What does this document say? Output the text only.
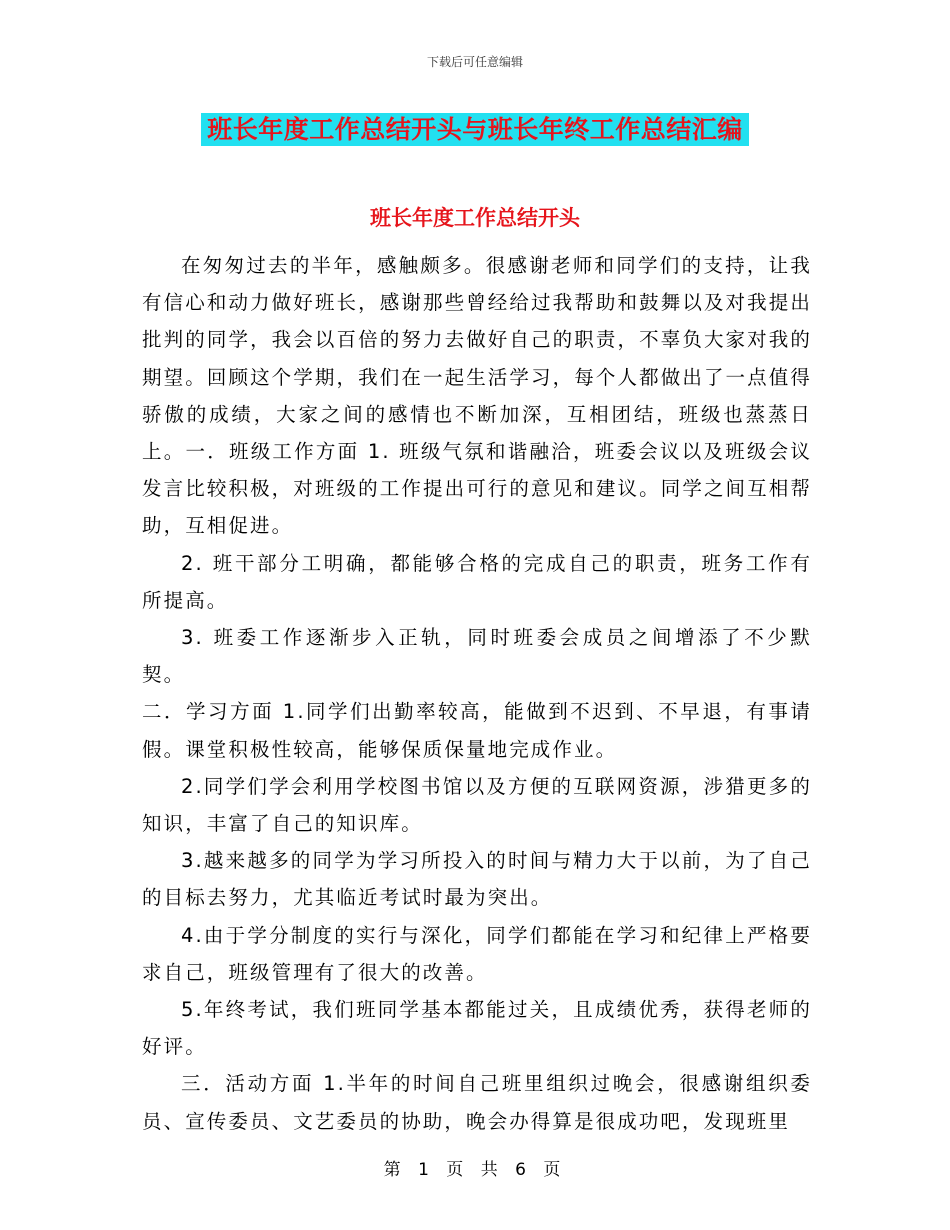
下载后可任意编辑
班长年度工作总结开头与班长年终工作总结汇编
班长年度工作总结开头

在匆匆过去的半年，感触颇多。很感谢老师和同学们的支持，让我有信心和动力做好班长，感谢那些曾经给过我帮助和鼓舞以及对我提出批判的同学，我会以百倍的努力去做好自己的职责，不辜负大家对我的期望。回顾这个学期，我们在一起生活学习，每个人都做出了一点值得骄傲的成绩，大家之间的感情也不断加深，互相团结，班级也蒸蒸日上。一．班级工作方面 1. 班级气氛和谐融洽，班委会议以及班级会议发言比较积极，对班级的工作提出可行的意见和建议。同学之间互相帮助，互相促进。

2. 班干部分工明确，都能够合格的完成自己的职责，班务工作有所提高。

3. 班委工作逐渐步入正轨，同时班委会成员之间增添了不少默契。

二．学习方面 1.同学们出勤率较高，能做到不迟到、不早退，有事请假。课堂积极性较高，能够保质保量地完成作业。

2.同学们学会利用学校图书馆以及方便的互联网资源，涉猎更多的知识，丰富了自己的知识库。

3.越来越多的同学为学习所投入的时间与精力大于以前，为了自己的目标去努力，尤其临近考试时最为突出。

4.由于学分制度的实行与深化，同学们都能在学习和纪律上严格要求自己，班级管理有了很大的改善。

5.年终考试，我们班同学基本都能过关，且成绩优秀，获得老师的好评。

三．活动方面 1.半年的时间自己班里组织过晚会，很感谢组织委员、宣传委员、文艺委员的协助，晚会办得算是很成功吧，发现班里

第 1 页 共 6 页
